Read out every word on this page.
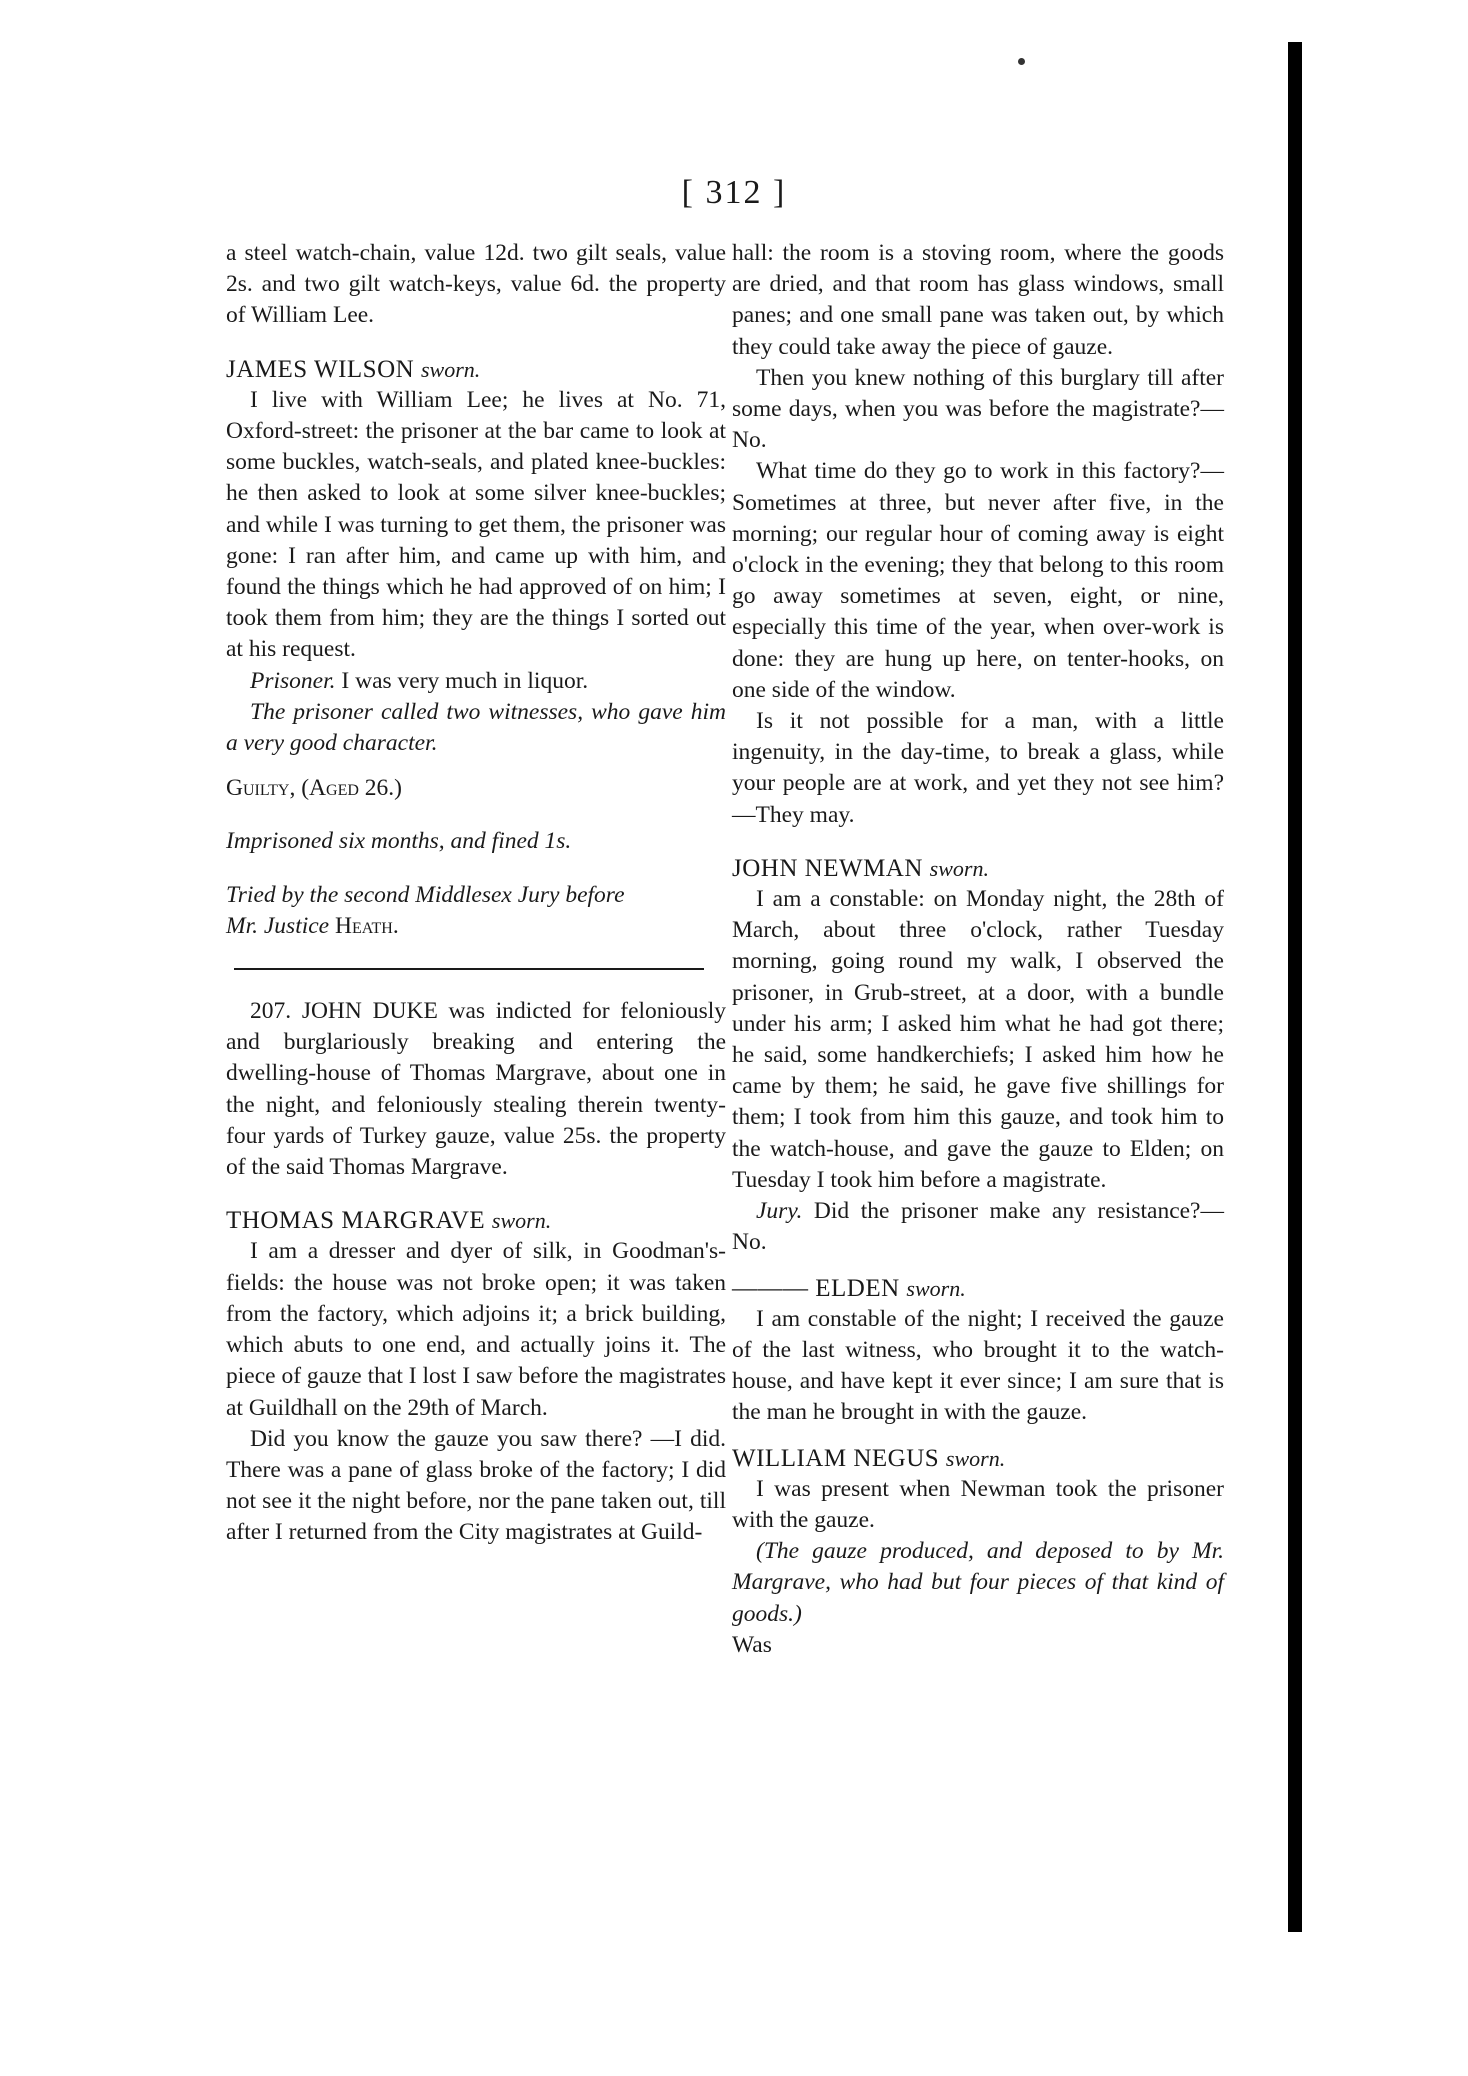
[ 312 ]

a steel watch-chain, value 12d. two gilt seals, value 2s. and two gilt watch-keys, value 6d. the property of William Lee.

JAMES WILSON sworn.

I live with William Lee; he lives at No. 71, Oxford-street: the prisoner at the bar came to look at some buckles, watch-seals, and plated knee-buckles: he then asked to look at some silver knee-buckles; and while I was turning to get them, the prisoner was gone: I ran after him, and came up with him, and found the things which he had approved of on him; I took them from him; they are the things I sorted out at his request.

Prisoner. I was very much in liquor.

The prisoner called two witnesses, who gave him a very good character.

Guilty, (Aged 26.)

Imprisoned six months, and fined 1s.

Tried by the second Middlesex Jury before

Mr. Justice Heath.

207. JOHN DUKE was indicted for feloniously and burglariously breaking and entering the dwelling-house of Thomas Margrave, about one in the night, and feloniously stealing therein twenty-four yards of Turkey gauze, value 25s. the property of the said Thomas Margrave.

THOMAS MARGRAVE sworn.

I am a dresser and dyer of silk, in Goodman's-fields: the house was not broke open; it was taken from the factory, which adjoins it; a brick building, which abuts to one end, and actually joins it. The piece of gauze that I lost I saw before the magistrates at Guildhall on the 29th of March.

Did you know the gauze you saw there? —I did. There was a pane of glass broke of the factory; I did not see it the night before, nor the pane taken out, till after I returned from the City magistrates at Guild-

hall: the room is a stoving room, where the goods are dried, and that room has glass windows, small panes; and one small pane was taken out, by which they could take away the piece of gauze.

Then you knew nothing of this burglary till after some days, when you was before the magistrate?—No.

What time do they go to work in this factory?—Sometimes at three, but never after five, in the morning; our regular hour of coming away is eight o'clock in the evening; they that belong to this room go away sometimes at seven, eight, or nine, especially this time of the year, when over-work is done: they are hung up here, on tenter-hooks, on one side of the window.

Is it not possible for a man, with a little ingenuity, in the day-time, to break a glass, while your people are at work, and yet they not see him?—They may.

JOHN NEWMAN sworn.

I am a constable: on Monday night, the 28th of March, about three o'clock, rather Tuesday morning, going round my walk, I observed the prisoner, in Grub-street, at a door, with a bundle under his arm; I asked him what he had got there; he said, some handkerchiefs; I asked him how he came by them; he said, he gave five shillings for them; I took from him this gauze, and took him to the watch-house, and gave the gauze to Elden; on Tuesday I took him before a magistrate.

Jury. Did the prisoner make any resistance?—No.

——— ELDEN sworn.

I am constable of the night; I received the gauze of the last witness, who brought it to the watch-house, and have kept it ever since; I am sure that is the man he brought in with the gauze.

WILLIAM NEGUS sworn.

I was present when Newman took the prisoner with the gauze.

(The gauze produced, and deposed to by Mr. Margrave, who had but four pieces of that kind of goods.)

Was
